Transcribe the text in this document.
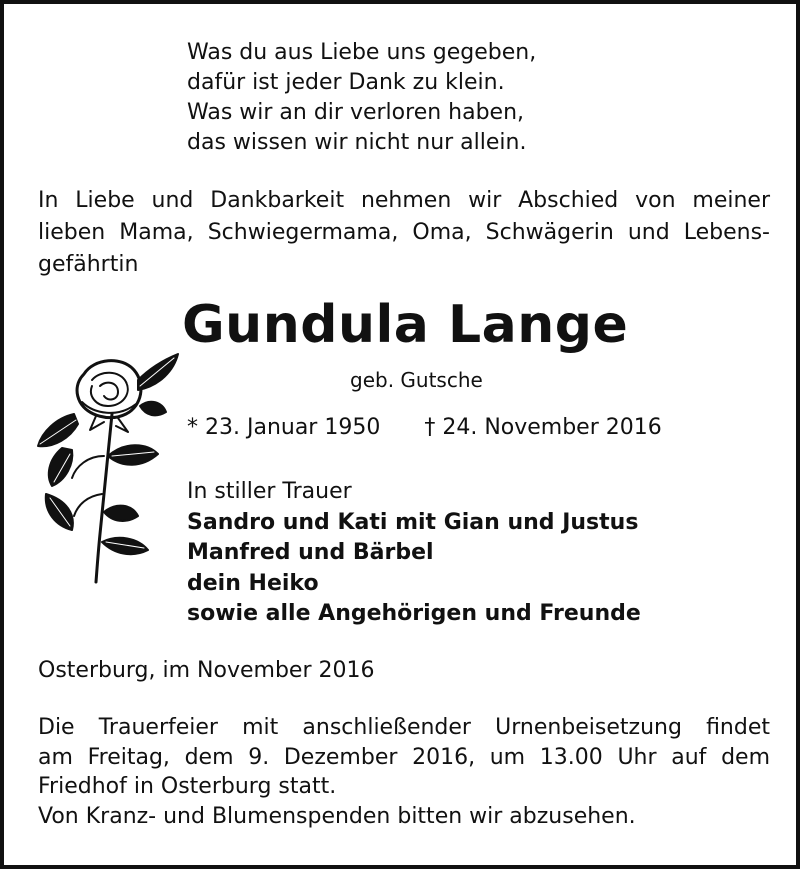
Was du aus Liebe uns gegeben,
dafür ist jeder Dank zu klein.
Was wir an dir verloren haben,
das wissen wir nicht nur allein.
In Liebe und Dankbarkeit nehmen wir Abschied von meiner
lieben Mama, Schwiegermama, Oma, Schwägerin und Lebens-
gefährtin
Gundula Lange
geb. Gutsche
* 23. Januar 1950 † 24. November 2016
In stiller Trauer
Sandro und Kati mit Gian und Justus
Manfred und Bärbel
dein Heiko
sowie alle Angehörigen und Freunde
Osterburg, im November 2016
Die Trauerfeier mit anschließender Urnenbeisetzung findet
am Freitag, dem 9. Dezember 2016, um 13.00 Uhr auf dem
Friedhof in Osterburg statt.
Von Kranz- und Blumenspenden bitten wir abzusehen.
